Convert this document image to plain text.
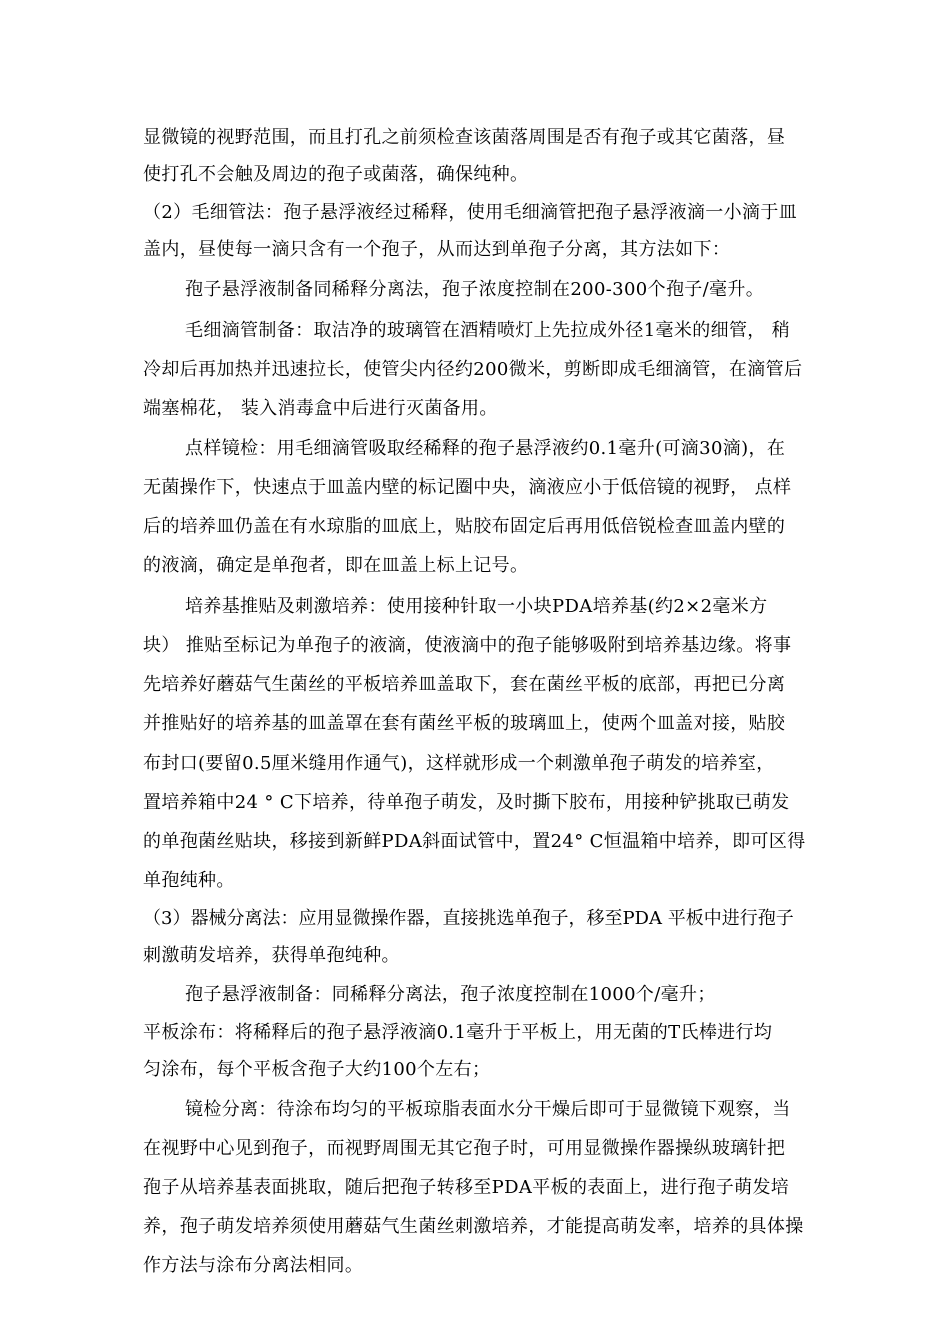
显微镜的视野范围，而且打孔之前须检查该菌落周围是否有孢子或其它菌落，昼
使打孔不会触及周边的孢子或菌落，确保纯种。
（2）毛细管法：孢子悬浮液经过稀释，使用毛细滴管把孢子悬浮液滴一小滴于皿
盖内，昼使每一滴只含有一个孢子，从而达到单孢子分离，其方法如下：
孢子悬浮液制备同稀释分离法，孢子浓度控制在200-300个孢子/毫升。
毛细滴管制备：取洁净的玻璃管在酒精喷灯上先拉成外径1毫米的细管， 稍
冷却后再加热并迅速拉长，使管尖内径约200微米，剪断即成毛细滴管，在滴管后
端塞棉花， 装入消毒盒中后进行灭菌备用。
点样镜检：用毛细滴管吸取经稀释的孢子悬浮液约0.1毫升(可滴30滴)，在
无菌操作下，快速点于皿盖内壁的标记圈中央，滴液应小于低倍镜的视野， 点样
后的培养皿仍盖在有水琼脂的皿底上，贴胶布固定后再用低倍锐检查皿盖内壁的
的液滴，确定是单孢者，即在皿盖上标上记号。
培养基推贴及刺激培养：使用接种针取一小块PDA培养基(约2×2毫米方
块） 推贴至标记为单孢子的液滴，使液滴中的孢子能够吸附到培养基边缘。将事
先培养好蘑菇气生菌丝的平板培养皿盖取下，套在菌丝平板的底部，再把已分离
并推贴好的培养基的皿盖罩在套有菌丝平板的玻璃皿上，使两个皿盖对接，贴胶
布封口(要留0.5厘米缝用作通气)，这样就形成一个刺激单孢子萌发的培养室，
置培养箱中24 ° C下培养，待单孢子萌发，及时撕下胶布，用接种铲挑取已萌发
的单孢菌丝贴块，移接到新鲜PDA斜面试管中，置24° C恒温箱中培养，即可区得
单孢纯种。
（3）器械分离法：应用显微操作器，直接挑选单孢子，移至PDA 平板中进行孢子
刺激萌发培养，获得单孢纯种。
孢子悬浮液制备：同稀释分离法，孢子浓度控制在1000个/毫升；
平板涂布：将稀释后的孢子悬浮液滴0.1毫升于平板上，用无菌的T氏棒进行均
匀涂布，每个平板含孢子大约100个左右；
镜检分离：待涂布均匀的平板琼脂表面水分干燥后即可于显微镜下观察，当
在视野中心见到孢子，而视野周围无其它孢子时，可用显微操作器操纵玻璃针把
孢子从培养基表面挑取，随后把孢子转移至PDA平板的表面上，进行孢子萌发培
养，孢子萌发培养须使用蘑菇气生菌丝刺激培养，才能提高萌发率，培养的具体操
作方法与涂布分离法相同。
